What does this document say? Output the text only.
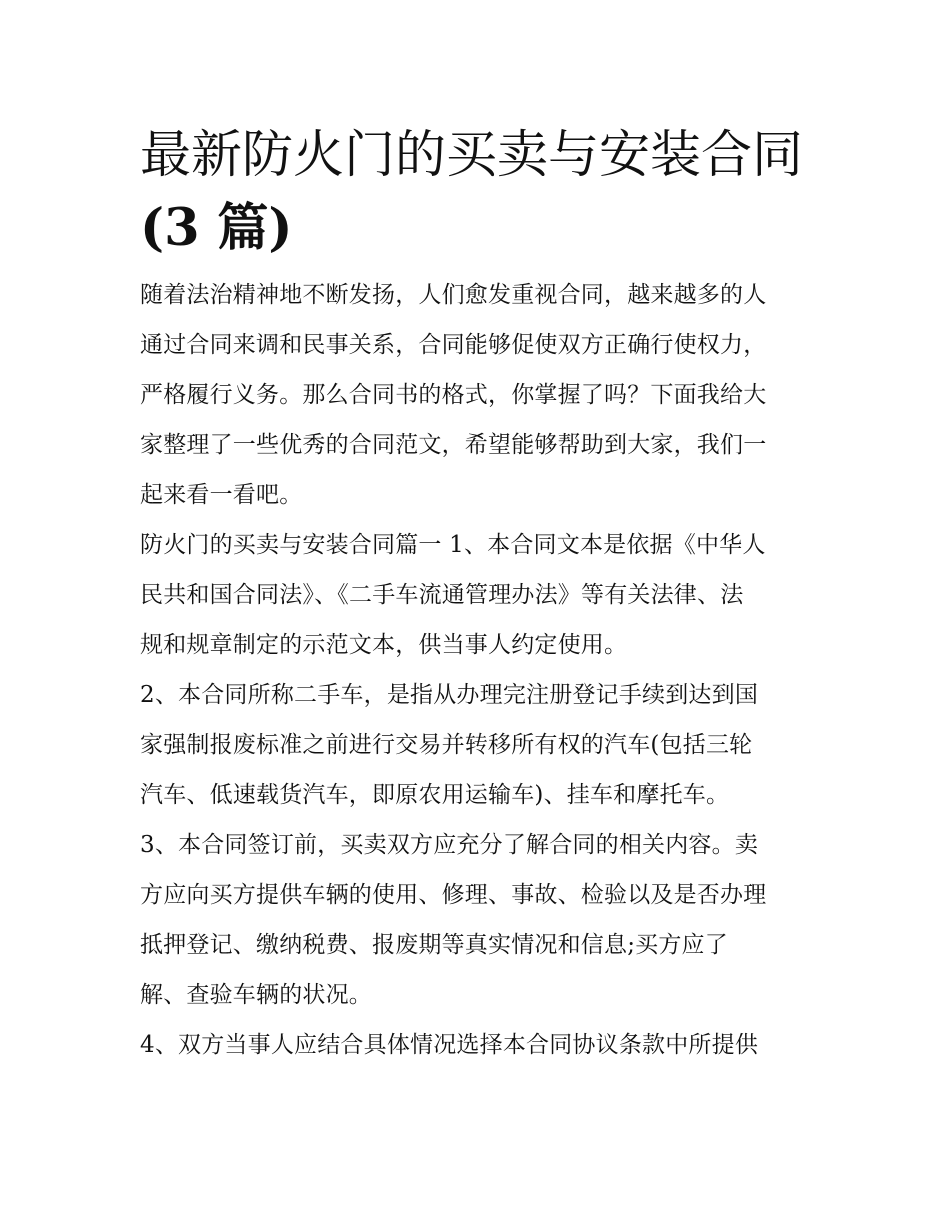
最新防火门的买卖与安装合同
(3 篇)
随着法治精神地不断发扬，人们愈发重视合同，越来越多的人
通过合同来调和民事关系，合同能够促使双方正确行使权力，
严格履行义务。那么合同书的格式，你掌握了吗？下面我给大
家整理了一些优秀的合同范文，希望能够帮助到大家，我们一
起来看一看吧。
防火门的买卖与安装合同篇一 1、本合同文本是依据《中华人
民共和国合同法》、《二手车流通管理办法》等有关法律、法
规和规章制定的示范文本，供当事人约定使用。
2、本合同所称二手车，是指从办理完注册登记手续到达到国
家强制报废标准之前进行交易并转移所有权的汽车(包括三轮
汽车、低速载货汽车，即原农用运输车)、挂车和摩托车。
3、本合同签订前，买卖双方应充分了解合同的相关内容。卖
方应向买方提供车辆的使用、修理、事故、检验以及是否办理
抵押登记、缴纳税费、报废期等真实情况和信息;买方应了
解、查验车辆的状况。
4、双方当事人应结合具体情况选择本合同协议条款中所提供
